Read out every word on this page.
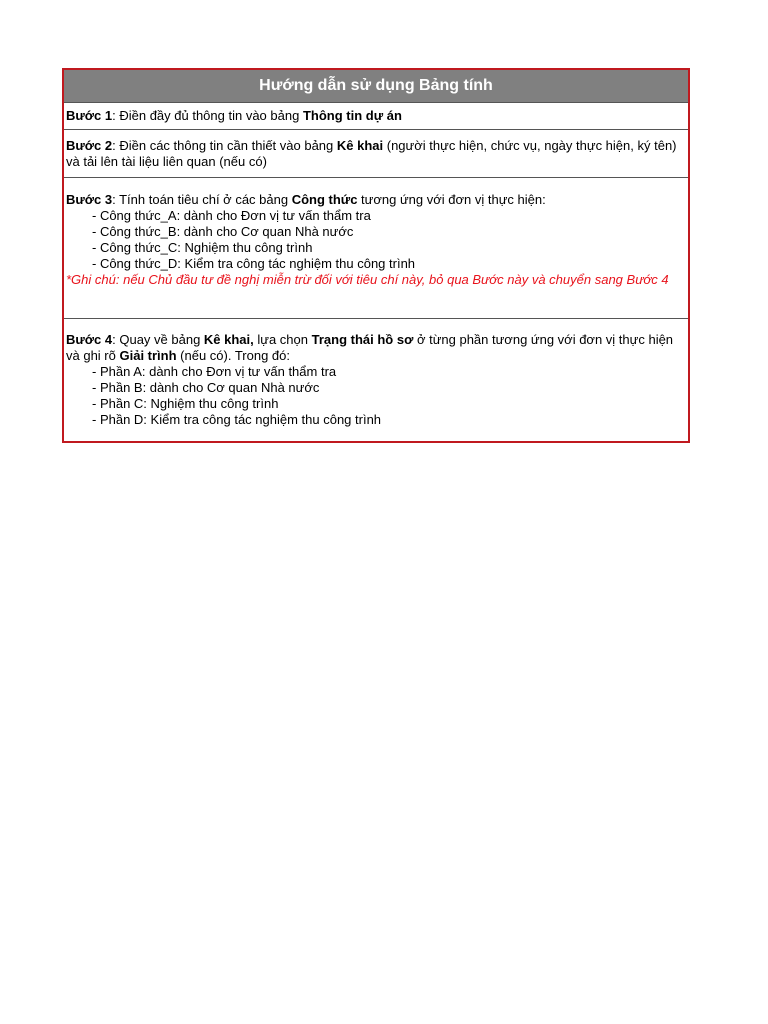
Hướng dẫn sử dụng Bảng tính
Bước 1: Điền đầy đủ thông tin vào bảng Thông tin dự án
Bước 2: Điền các thông tin cần thiết vào bảng Kê khai (người thực hiện, chức vụ, ngày thực hiện, ký tên) và tải lên tài liệu liên quan (nếu có)
Bước 3: Tính toán tiêu chí ở các bảng Công thức tương ứng với đơn vị thực hiện:
- Công thức_A: dành cho Đơn vị tư vấn thẩm tra
- Công thức_B: dành cho Cơ quan Nhà nước
- Công thức_C: Nghiệm thu công trình
- Công thức_D: Kiểm tra công tác nghiệm thu công trình
*Ghi chú: nếu Chủ đầu tư đề nghị miễn trừ đối với tiêu chí này, bỏ qua Bước này và chuyển sang Bước 4
Bước 4: Quay về bảng Kê khai, lựa chọn Trạng thái hồ sơ ở từng phần tương ứng với đơn vị thực hiện và ghi rõ Giải trình (nếu có). Trong đó:
- Phần A: dành cho Đơn vị tư vấn thẩm tra
- Phần B: dành cho Cơ quan Nhà nước
- Phần C: Nghiệm thu công trình
- Phần D: Kiểm tra công tác nghiệm thu công trình
